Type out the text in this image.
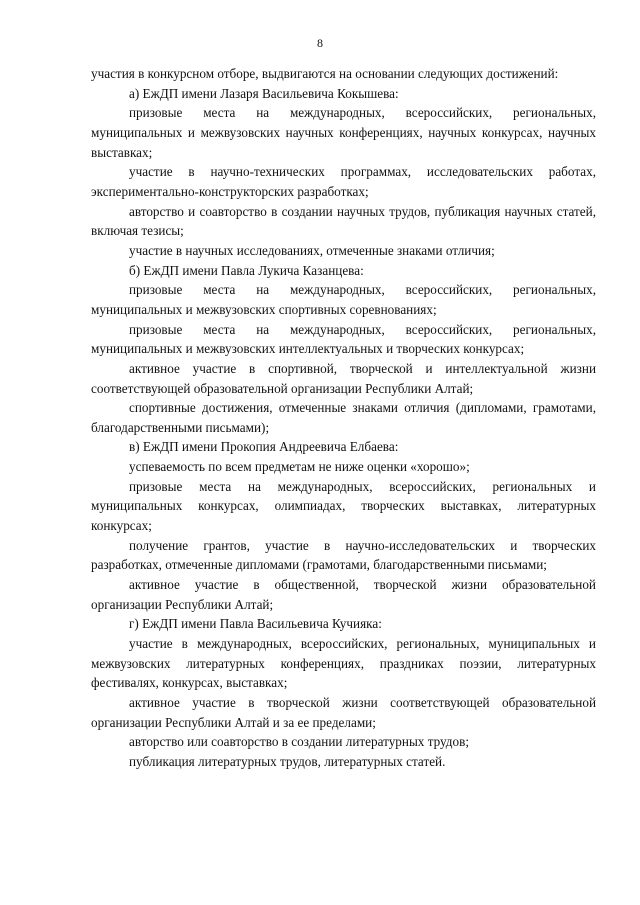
8

участия в конкурсном отборе, выдвигаются на основании следующих достижений:

а) ЕжДП имени Лазаря Васильевича Кокышева:

призовые места на международных, всероссийских, региональных, муниципальных и межвузовских научных конференциях, научных конкурсах, научных выставках;

участие в научно-технических программах, исследовательских работах, экспериментально-конструкторских разработках;

авторство и соавторство в создании научных трудов, публикация научных статей, включая тезисы;

участие в научных исследованиях, отмеченные знаками отличия;

б) ЕжДП имени Павла Лукича Казанцева:

призовые места на международных, всероссийских, региональных, муниципальных и межвузовских спортивных соревнованиях;

призовые места на международных, всероссийских, региональных, муниципальных и межвузовских интеллектуальных и творческих конкурсах;

активное участие в спортивной, творческой и интеллектуальной жизни соответствующей образовательной организации Республики Алтай;

спортивные достижения, отмеченные знаками отличия (дипломами, грамотами, благодарственными письмами);

в) ЕжДП имени Прокопия Андреевича Елбаева:

успеваемость по всем предметам не ниже оценки «хорошо»;

призовые места на международных, всероссийских, региональных и муниципальных конкурсах, олимпиадах, творческих выставках, литературных конкурсах;

получение грантов, участие в научно-исследовательских и творческих разработках, отмеченные дипломами (грамотами, благодарственными письмами;

активное участие в общественной, творческой жизни образовательной организации Республики Алтай;

г) ЕжДП имени Павла Васильевича Кучияка:

участие в международных, всероссийских, региональных, муниципальных и межвузовских литературных конференциях, праздниках поэзии, литературных фестивалях, конкурсах, выставках;

активное участие в творческой жизни соответствующей образовательной организации Республики Алтай и за ее пределами;

авторство или соавторство в создании литературных трудов;

публикация литературных трудов, литературных статей.
